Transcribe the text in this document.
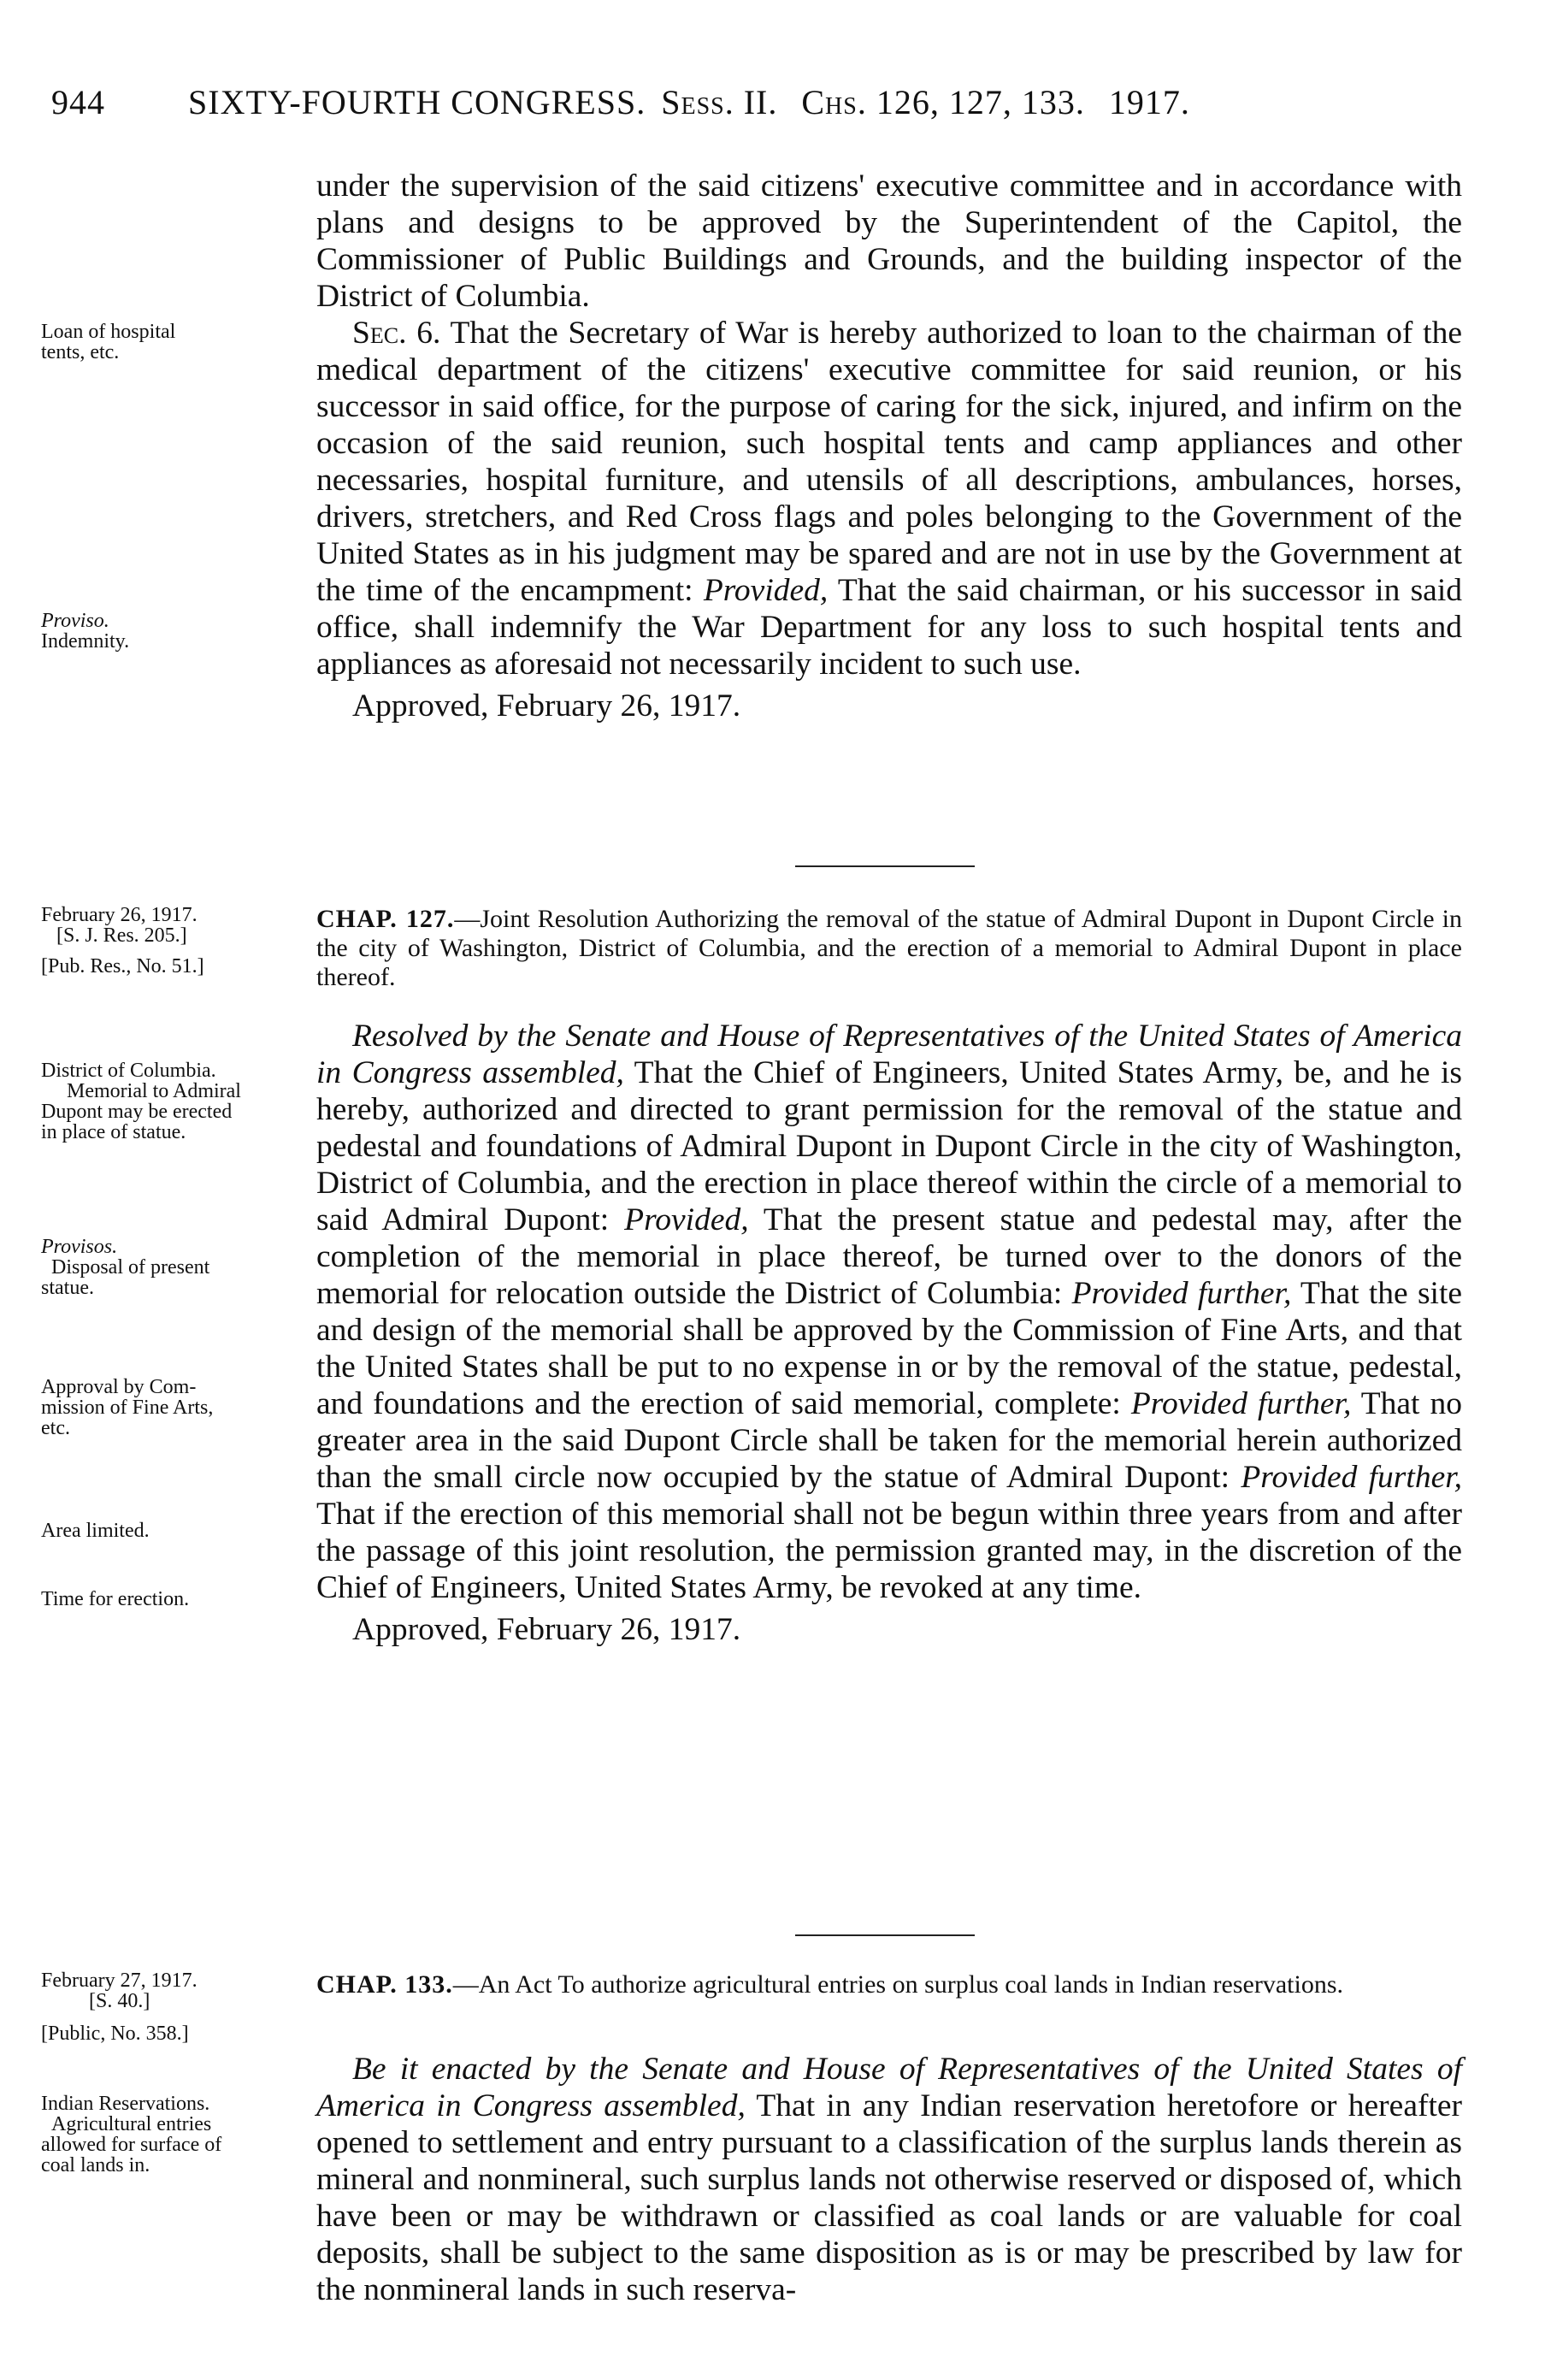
944 SIXTY-FOURTH CONGRESS. Sess. II. Chs. 126, 127, 133. 1917.

under the supervision of the said citizens' executive committee and in accordance with plans and designs to be approved by the Superintendent of the Capitol, the Commissioner of Public Buildings and Grounds, and the building inspector of the District of Columbia.

Sec. 6. That the Secretary of War is hereby authorized to loan to the chairman of the medical department of the citizens' executive committee for said reunion, or his successor in said office, for the purpose of caring for the sick, injured, and infirm on the occasion of the said reunion, such hospital tents and camp appliances and other necessaries, hospital furniture, and utensils of all descriptions, ambulances, horses, drivers, stretchers, and Red Cross flags and poles belonging to the Government of the United States as in his judgment may be spared and are not in use by the Government at the time of the encampment: Provided, That the said chairman, or his successor in said office, shall indemnify the War Department for any loss to such hospital tents and appliances as aforesaid not necessarily incident to such use.

Approved, February 26, 1917.

Loan of hospital
tents, etc.
Proviso.
Indemnity.
February 26, 1917.
[S. J. Res. 205.]
[Pub. Res., No. 51.]
CHAP. 127.—Joint Resolution Authorizing the removal of the statue of Admiral Dupont in Dupont Circle in the city of Washington, District of Columbia, and the erection of a memorial to Admiral Dupont in place thereof.

Resolved by the Senate and House of Representatives of the United States of America in Congress assembled, That the Chief of Engineers, United States Army, be, and he is hereby, authorized and directed to grant permission for the removal of the statue and pedestal and foundations of Admiral Dupont in Dupont Circle in the city of Washington, District of Columbia, and the erection in place thereof within the circle of a memorial to said Admiral Dupont: Provided, That the present statue and pedestal may, after the completion of the memorial in place thereof, be turned over to the donors of the memorial for relocation outside the District of Columbia: Provided further, That the site and design of the memorial shall be approved by the Commission of Fine Arts, and that the United States shall be put to no expense in or by the removal of the statue, pedestal, and foundations and the erection of said memorial, complete: Provided further, That no greater area in the said Dupont Circle shall be taken for the memorial herein authorized than the small circle now occupied by the statue of Admiral Dupont: Provided further, That if the erection of this memorial shall not be begun within three years from and after the passage of this joint resolution, the permission granted may, in the discretion of the Chief of Engineers, United States Army, be revoked at any time.

Approved, February 26, 1917.

District of Columbia.
Memorial to Admiral
Dupont may be erected
in place of statue.
Provisos.
Disposal of present
statue.
Approval by Com-
mission of Fine Arts,
etc.
Area limited.
Time for erection.
February 27, 1917.
[S. 40.]
[Public, No. 358.]
CHAP. 133.—An Act To authorize agricultural entries on surplus coal lands in Indian reservations.

Be it enacted by the Senate and House of Representatives of the United States of America in Congress assembled, That in any Indian reservation heretofore or hereafter opened to settlement and entry pursuant to a classification of the surplus lands therein as mineral and nonmineral, such surplus lands not otherwise reserved or disposed of, which have been or may be withdrawn or classified as coal lands or are valuable for coal deposits, shall be subject to the same disposition as is or may be prescribed by law for the nonmineral lands in such reserva-

Indian Reservations.
Agricultural entries
allowed for surface of
coal lands in.
